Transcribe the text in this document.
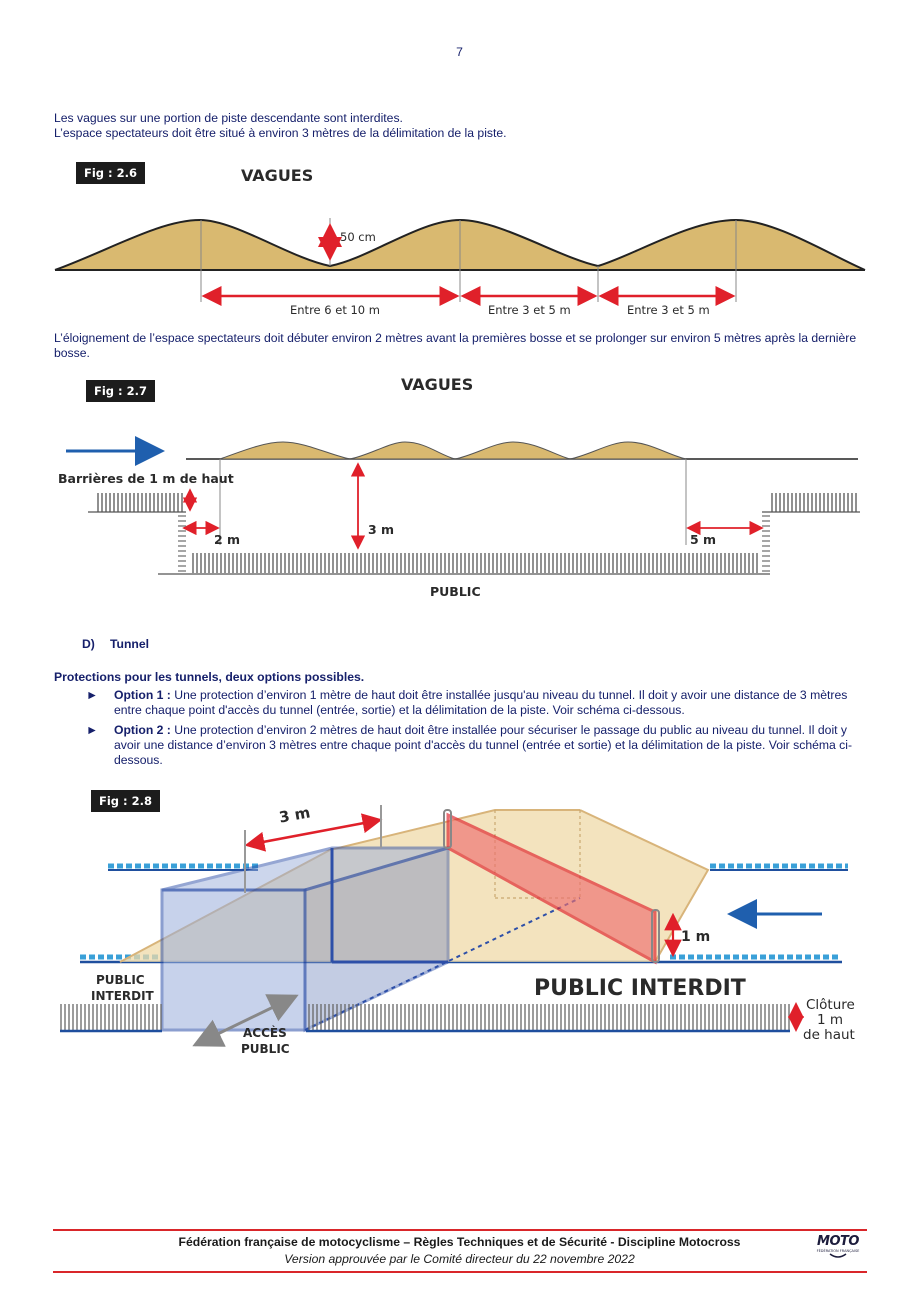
7
Les vagues sur une portion de piste descendante sont interdites.
L’espace spectateurs doit être situé à environ 3 mètres de la délimitation de la piste.
Fig : 2.6	VAGUES
50 cm
Entre 6 et 10 m	Entre 3 et 5 m	Entre 3 et 5 m
L’éloignement de l’espace spectateurs doit débuter environ 2 mètres avant la premières bosse et se prolonger sur environ 5 mètres après la dernière bosse.
Fig : 2.7	VAGUES
Barrières de 1 m de haut
2 m
3 m
5 m
PUBLIC
D) Tunnel
Protections pour les tunnels, deux options possibles.
► Option 1 : Une protection d’environ 1 mètre de haut doit être installée jusqu'au niveau du tunnel. Il doit y avoir une distance de 3 mètres entre chaque point d'accès du tunnel (entrée, sortie) et la délimitation de la piste. Voir schéma ci-dessous.
► Option 2 : Une protection d’environ 2 mètres de haut doit être installée pour sécuriser le passage du public au niveau du tunnel. Il doit y avoir une distance d’environ 3 mètres entre chaque point d'accès du tunnel (entrée et sortie) et la délimitation de la piste. Voir schéma ci-dessous.
Fig : 2.8
3 m
1 m
PUBLIC
INTERDIT	PUBLIC INTERDIT
ACCÈS
PUBLIC
Clôture
1 m
de haut
Fédération française de motocyclisme – Règles Techniques et de Sécurité - Discipline Motocross
Version approuvée par le Comité directeur du 22 novembre 2022
MOTO
FÉDÉRATION FRANÇAISE
